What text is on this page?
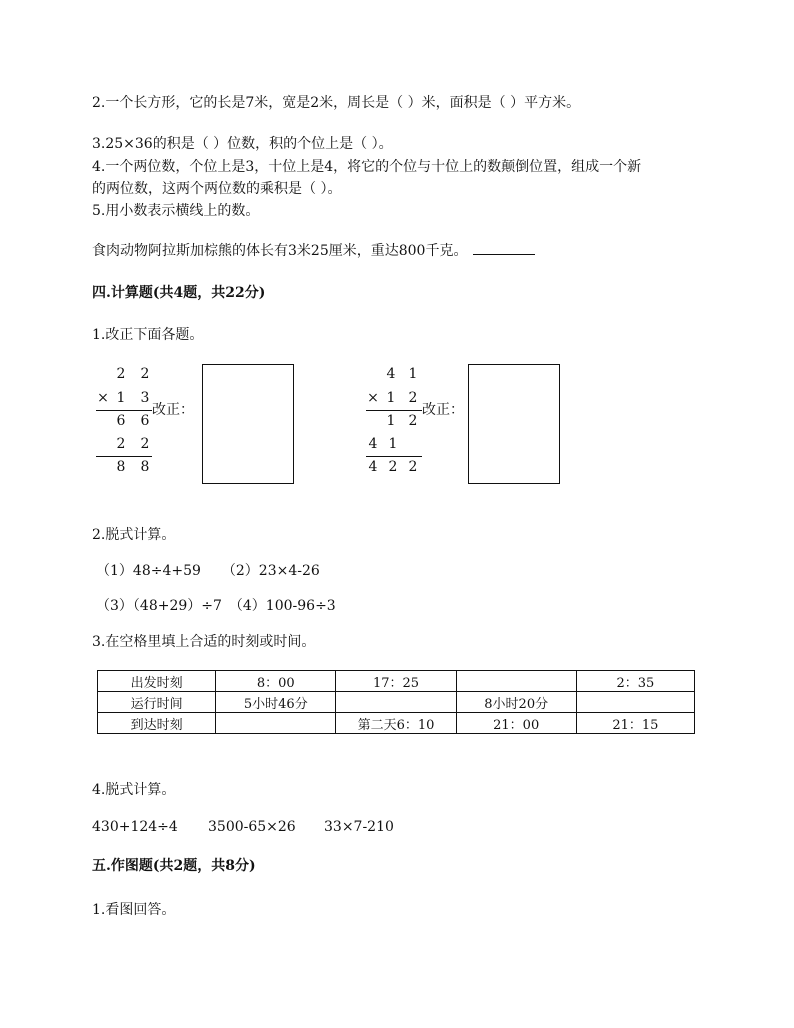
2.一个长方形，它的长是7米，宽是2米，周长是（ ）米，面积是（ ）平方米。
3.25×36的积是（ ）位数，积的个位上是（ ）。
4.一个两位数，个位上是3，十位上是4，将它的个位与十位上的数颠倒位置，组成一个新
的两位数，这两个两位数的乘积是（ ）。
5.用小数表示横线上的数。
食肉动物阿拉斯加棕熊的体长有3米25厘米，重达800千克。
四.计算题(共4题，共22分)
1.改正下面各题。
2 2
× 1 3
6 6
2 2
8 8
改正：
4 1
× 1 2
1 2
4 1
4 2 2
改正：
2.脱式计算。
（1）48÷4+59　　（2）23×4-26
（3）（48+29）÷7　（4）100-96÷3
3.在空格里填上合适的时刻或时间。
出发时刻	8：00	17：25		2：35
运行时间	5小时46分		8小时20分	
到达时刻		第二天6：10	21：00	21：15
4.脱式计算。
430+124÷4 3500-65×26 33×7-210
五.作图题(共2题，共8分)
1.看图回答。
